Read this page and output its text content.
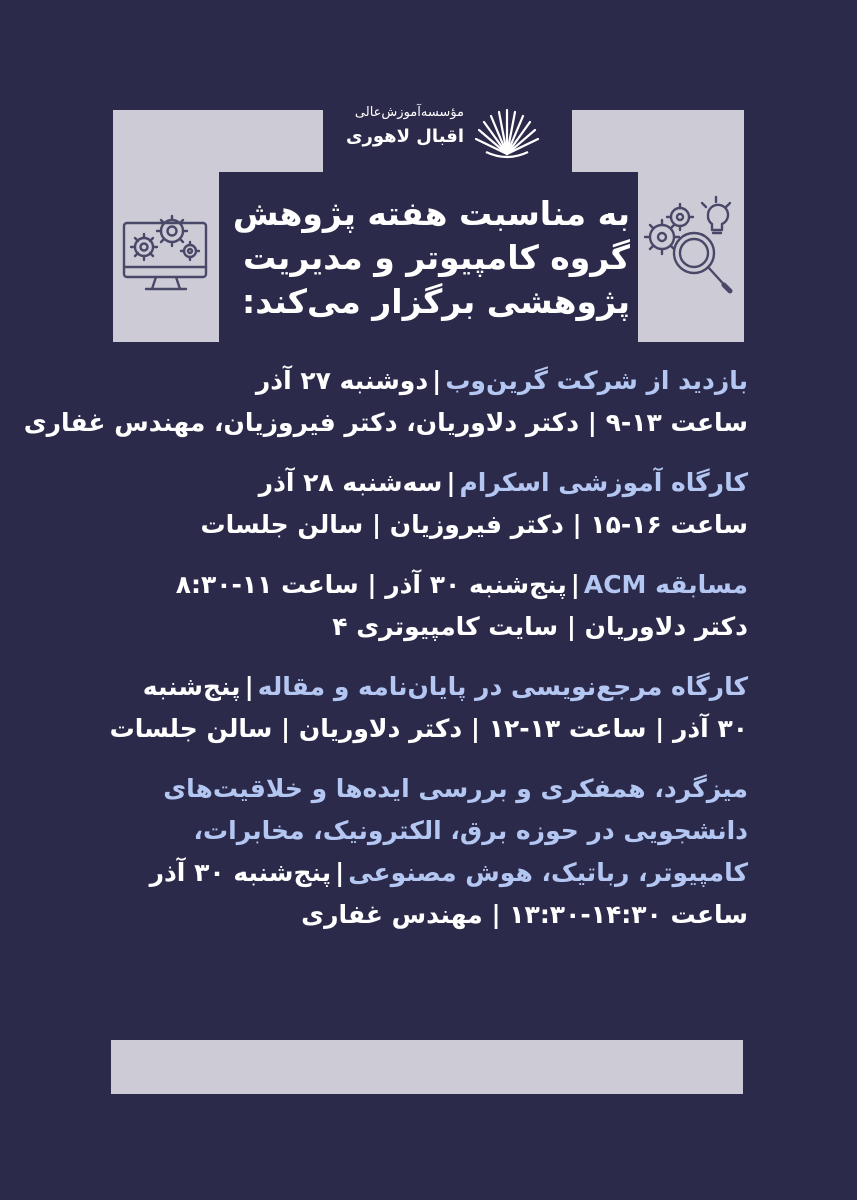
مؤسسه‌آموزش‌عالی
اقبال لاهوری
به مناسبت هفته پژوهش
گروه کامپیوتر و مدیریت
پژوهشی برگزار می‌کند:
بازدید از شرکت گرین‌وب|دوشنبه ۲۷ آذر
ساعت ۱۳-۹ | دکتر دلاوریان، دکتر فیروزیان، مهندس غفاری
کارگاه آموزشی اسکرام|سه‌شنبه ۲۸ آذر
ساعت ۱۶-۱۵ | دکتر فیروزیان | سالن جلسات
مسابقه ACM|پنج‌شنبه ۳۰ آذر | ساعت ۱۱-۸:۳۰
دکتر دلاوریان | سایت کامپیوتری ۴
کارگاه مرجع‌نویسی در پایان‌نامه و مقاله|پنج‌شنبه
۳۰ آذر | ساعت ۱۳-۱۲ | دکتر دلاوریان | سالن جلسات
میزگرد، همفکری و بررسی ایده‌ها و خلاقیت‌های
دانشجویی در حوزه برق، الکترونیک، مخابرات،
کامپیوتر، رباتیک، هوش مصنوعی|پنج‌شنبه ۳۰ آذر
ساعت ۱۴:۳۰-۱۳:۳۰ | مهندس غفاری
